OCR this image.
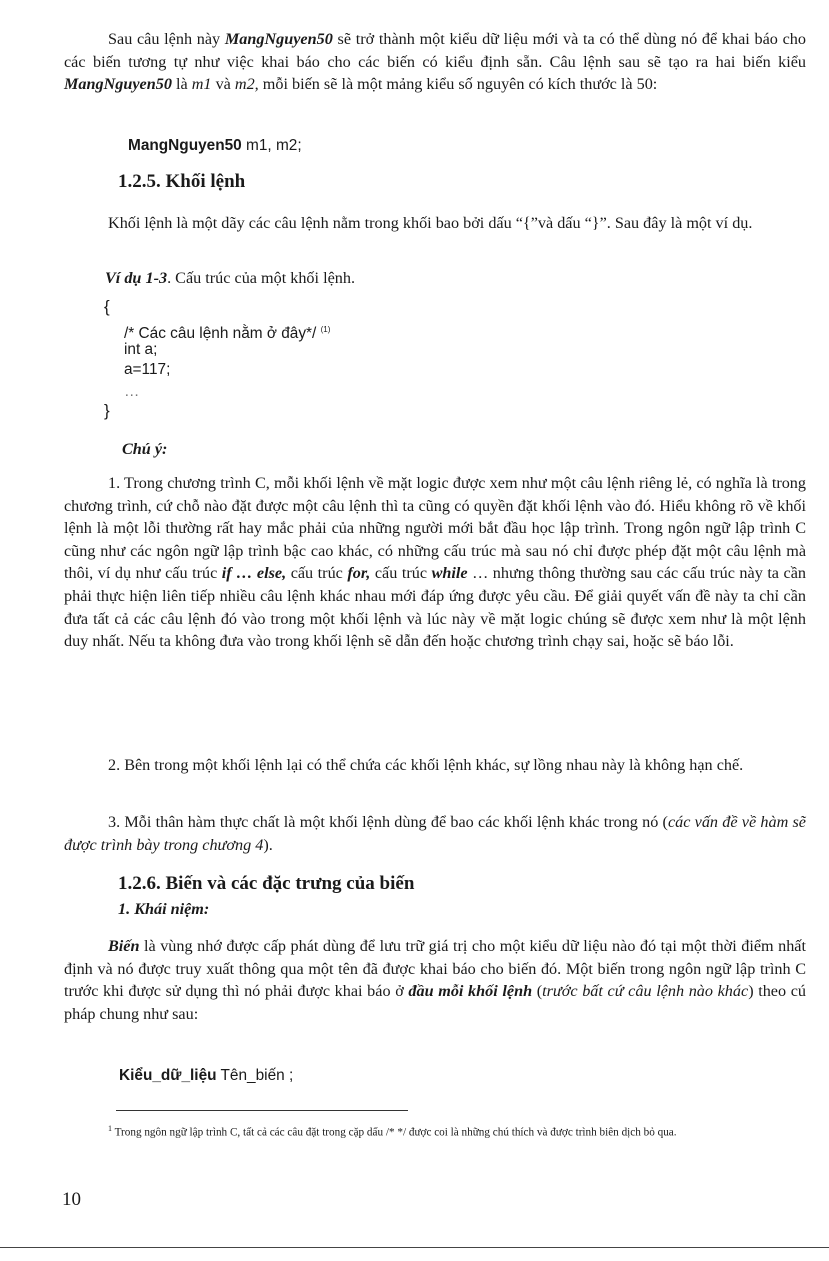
Sau câu lệnh này MangNguyen50 sẽ trở thành một kiểu dữ liệu mới và ta có thể dùng nó để khai báo cho các biến tương tự như việc khai báo cho các biến có kiểu định sẵn. Câu lệnh sau sẽ tạo ra hai biến kiểu MangNguyen50 là m1 và m2, mỗi biến sẽ là một mảng kiểu số nguyên có kích thước là 50:

MangNguyen50 m1, m2;

1.2.5. Khối lệnh

Khối lệnh là một dãy các câu lệnh nằm trong khối bao bởi dấu “{”và dấu “}”. Sau đây là một ví dụ.

Ví dụ 1-3. Cấu trúc của một khối lệnh.

{

/* Các câu lệnh nằm ở đây*/ $^{(1)}$

int a;

a=117;

…

}

Chú ý:

1. Trong chương trình C, mỗi khối lệnh về mặt logic được xem như một câu lệnh riêng lẻ, có nghĩa là trong chương trình, cứ chỗ nào đặt được một câu lệnh thì ta cũng có quyền đặt khối lệnh vào đó. Hiểu không rõ về khối lệnh là một lỗi thường rất hay mắc phải của những người mới bắt đầu học lập trình. Trong ngôn ngữ lập trình C cũng như các ngôn ngữ lập trình bậc cao khác, có những cấu trúc mà sau nó chỉ được phép đặt một câu lệnh mà thôi, ví dụ như cấu trúc if … else, cấu trúc for, cấu trúc while … nhưng thông thường sau các cấu trúc này ta cần phải thực hiện liên tiếp nhiều câu lệnh khác nhau mới đáp ứng được yêu cầu. Để giải quyết vấn đề này ta chỉ cần đưa tất cả các câu lệnh đó vào trong một khối lệnh và lúc này về mặt logic chúng sẽ được xem như là một lệnh duy nhất. Nếu ta không đưa vào trong khối lệnh sẽ dẫn đến hoặc chương trình chạy sai, hoặc sẽ báo lỗi.

2. Bên trong một khối lệnh lại có thể chứa các khối lệnh khác, sự lồng nhau này là không hạn chế.

3. Mỗi thân hàm thực chất là một khối lệnh dùng để bao các khối lệnh khác trong nó (các vấn đề về hàm sẽ được trình bày trong chương 4).

1.2.6. Biến và các đặc trưng của biến

1. Khái niệm:

Biến là vùng nhớ được cấp phát dùng để lưu trữ giá trị cho một kiểu dữ liệu nào đó tại một thời điểm nhất định và nó được truy xuất thông qua một tên đã được khai báo cho biến đó. Một biến trong ngôn ngữ lập trình C trước khi được sử dụng thì nó phải được khai báo ở đầu mỗi khối lệnh (trước bất cứ câu lệnh nào khác) theo cú pháp chung như sau:

Kiểu_dữ_liệu Tên_biến ;

$^1$ Trong ngôn ngữ lập trình C, tất cả các câu đặt trong cặp dấu /* */ được coi là những chú thích và được trình biên dịch bỏ qua.

10
